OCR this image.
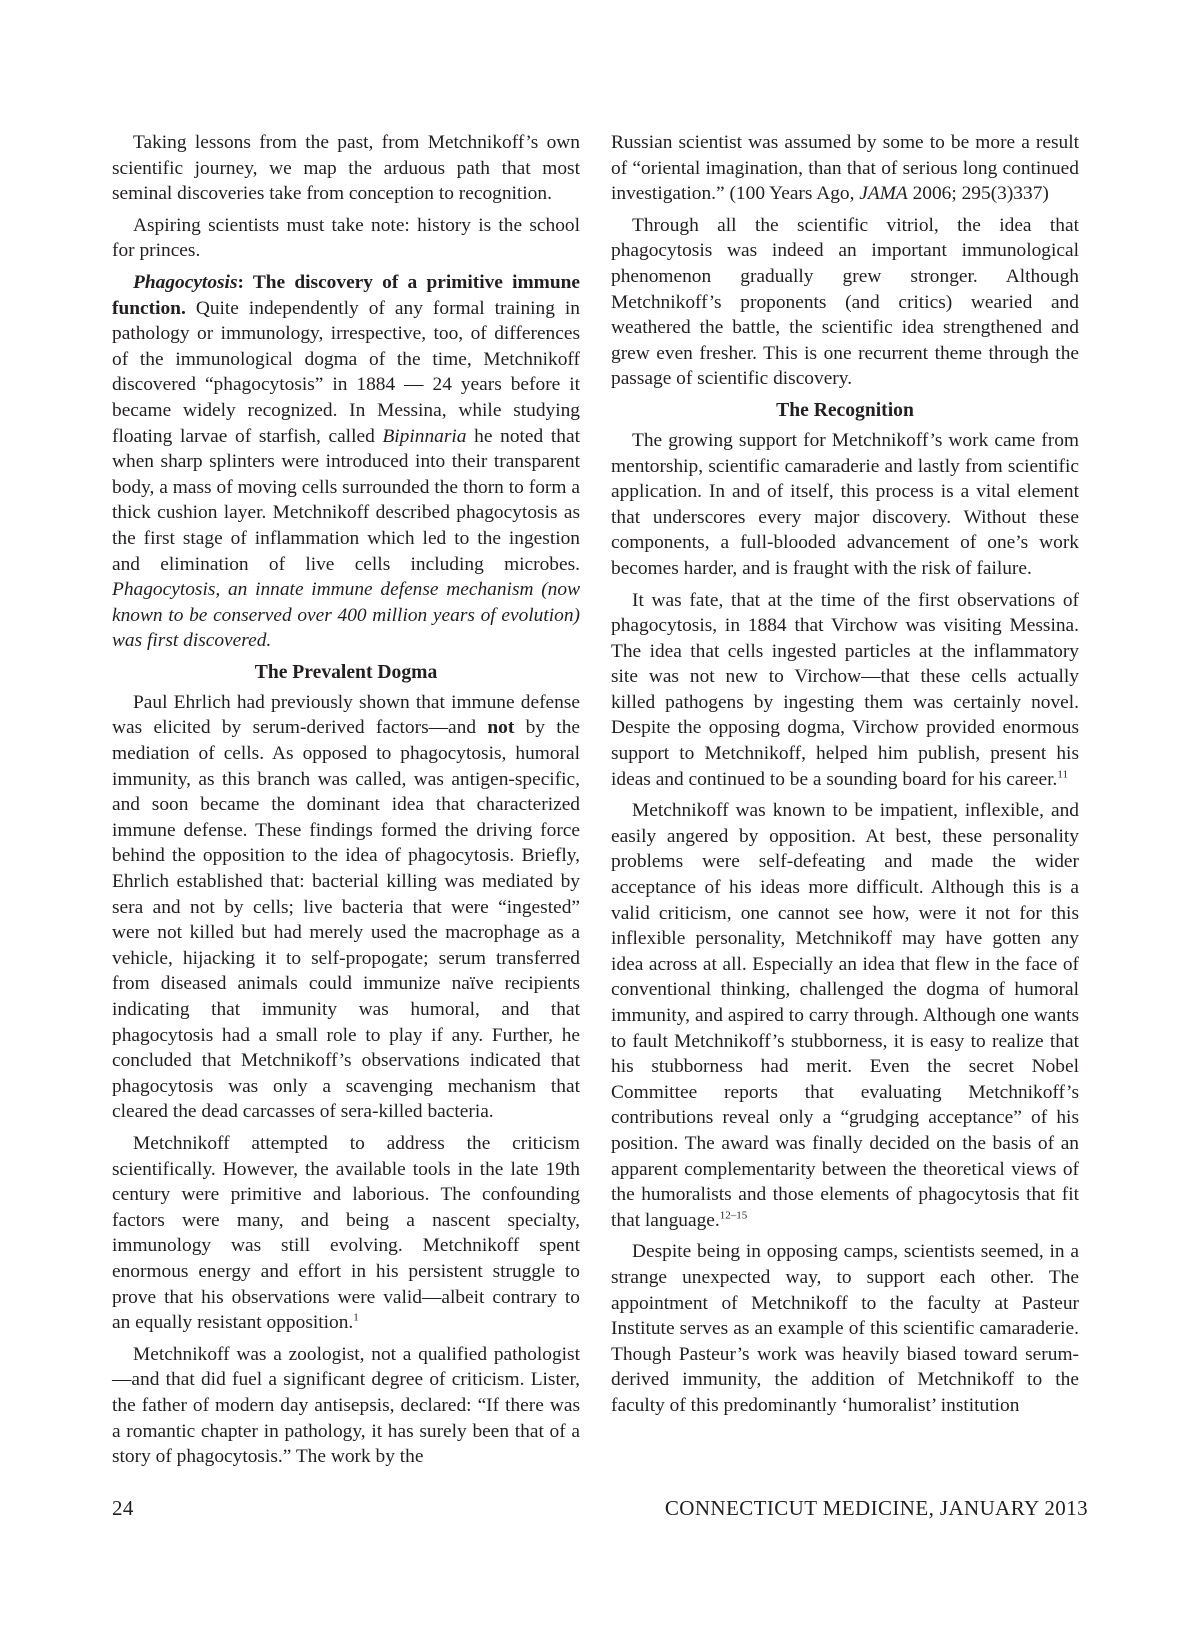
Taking lessons from the past, from Metchnikoff’s own scientific journey, we map the arduous path that most seminal discoveries take from conception to recognition.

Aspiring scientists must take note: history is the school for princes.

Phagocytosis: The discovery of a primitive immune function. Quite independently of any formal training in pathology or immunology, irrespective, too, of differences of the immunological dogma of the time, Metchnikoff discovered “phagocytosis” in 1884 — 24 years before it became widely recognized. In Messina, while studying floating larvae of starfish, called Bipinnaria he noted that when sharp splinters were introduced into their transparent body, a mass of moving cells surrounded the thorn to form a thick cushion layer. Metchnikoff described phagocytosis as the first stage of inflammation which led to the ingestion and elimination of live cells including microbes. Phagocytosis, an innate immune defense mechanism (now known to be conserved over 400 million years of evolution) was first discovered.

The Prevalent Dogma

Paul Ehrlich had previously shown that immune defense was elicited by serum-derived factors—and not by the mediation of cells. As opposed to phagocytosis, humoral immunity, as this branch was called, was antigen-specific, and soon became the dominant idea that characterized immune defense. These findings formed the driving force behind the opposition to the idea of phagocytosis. Briefly, Ehrlich established that: bacterial killing was mediated by sera and not by cells; live bacteria that were “ingested” were not killed but had merely used the macrophage as a vehicle, hijacking it to self-propogate; serum transferred from diseased animals could immunize naïve recipients indicating that immunity was humoral, and that phagocytosis had a small role to play if any. Further, he concluded that Metchnikoff’s observations indicated that phagocytosis was only a scavenging mechanism that cleared the dead carcasses of sera-killed bacteria.

Metchnikoff attempted to address the criticism scientifically. However, the available tools in the late 19th century were primitive and laborious. The confounding factors were many, and being a nascent specialty, immunology was still evolving. Metchnikoff spent enormous energy and effort in his persistent struggle to prove that his observations were valid—albeit contrary to an equally resistant opposition.$^1$

Metchnikoff was a zoologist, not a qualified pathologist—and that did fuel a significant degree of criticism. Lister, the father of modern day antisepsis, declared: “If there was a romantic chapter in pathology, it has surely been that of a story of phagocytosis.” The work by the

Russian scientist was assumed by some to be more a result of “oriental imagination, than that of serious long continued investigation.” (100 Years Ago, JAMA 2006; 295(3)337)

Through all the scientific vitriol, the idea that phagocytosis was indeed an important immunological phenomenon gradually grew stronger. Although Metchnikoff’s proponents (and critics) wearied and weathered the battle, the scientific idea strengthened and grew even fresher. This is one recurrent theme through the passage of scientific discovery.

The Recognition

The growing support for Metchnikoff’s work came from mentorship, scientific camaraderie and lastly from scientific application. In and of itself, this process is a vital element that underscores every major discovery. Without these components, a full-blooded advancement of one’s work becomes harder, and is fraught with the risk of failure.

It was fate, that at the time of the first observations of phagocytosis, in 1884 that Virchow was visiting Messina. The idea that cells ingested particles at the inflammatory site was not new to Virchow—that these cells actually killed pathogens by ingesting them was certainly novel. Despite the opposing dogma, Virchow provided enormous support to Metchnikoff, helped him publish, present his ideas and continued to be a sounding board for his career.$^{11}$

Metchnikoff was known to be impatient, inflexible, and easily angered by opposition. At best, these personality problems were self-defeating and made the wider acceptance of his ideas more difficult. Although this is a valid criticism, one cannot see how, were it not for this inflexible personality, Metchnikoff may have gotten any idea across at all. Especially an idea that flew in the face of conventional thinking, challenged the dogma of humoral immunity, and aspired to carry through. Although one wants to fault Metchnikoff’s stubborness, it is easy to realize that his stubborness had merit. Even the secret Nobel Committee reports that evaluating Metchnikoff’s contributions reveal only a “grudging acceptance” of his position. The award was finally decided on the basis of an apparent complementarity between the theoretical views of the humoralists and those elements of phagocytosis that fit that language.$^{12-15}$

Despite being in opposing camps, scientists seemed, in a strange unexpected way, to support each other. The appointment of Metchnikoff to the faculty at Pasteur Institute serves as an example of this scientific camaraderie. Though Pasteur’s work was heavily biased toward serum-derived immunity, the addition of Metchnikoff to the faculty of this predominantly ‘humoralist’ institution

24	CONNECTICUT MEDICINE, JANUARY 2013
